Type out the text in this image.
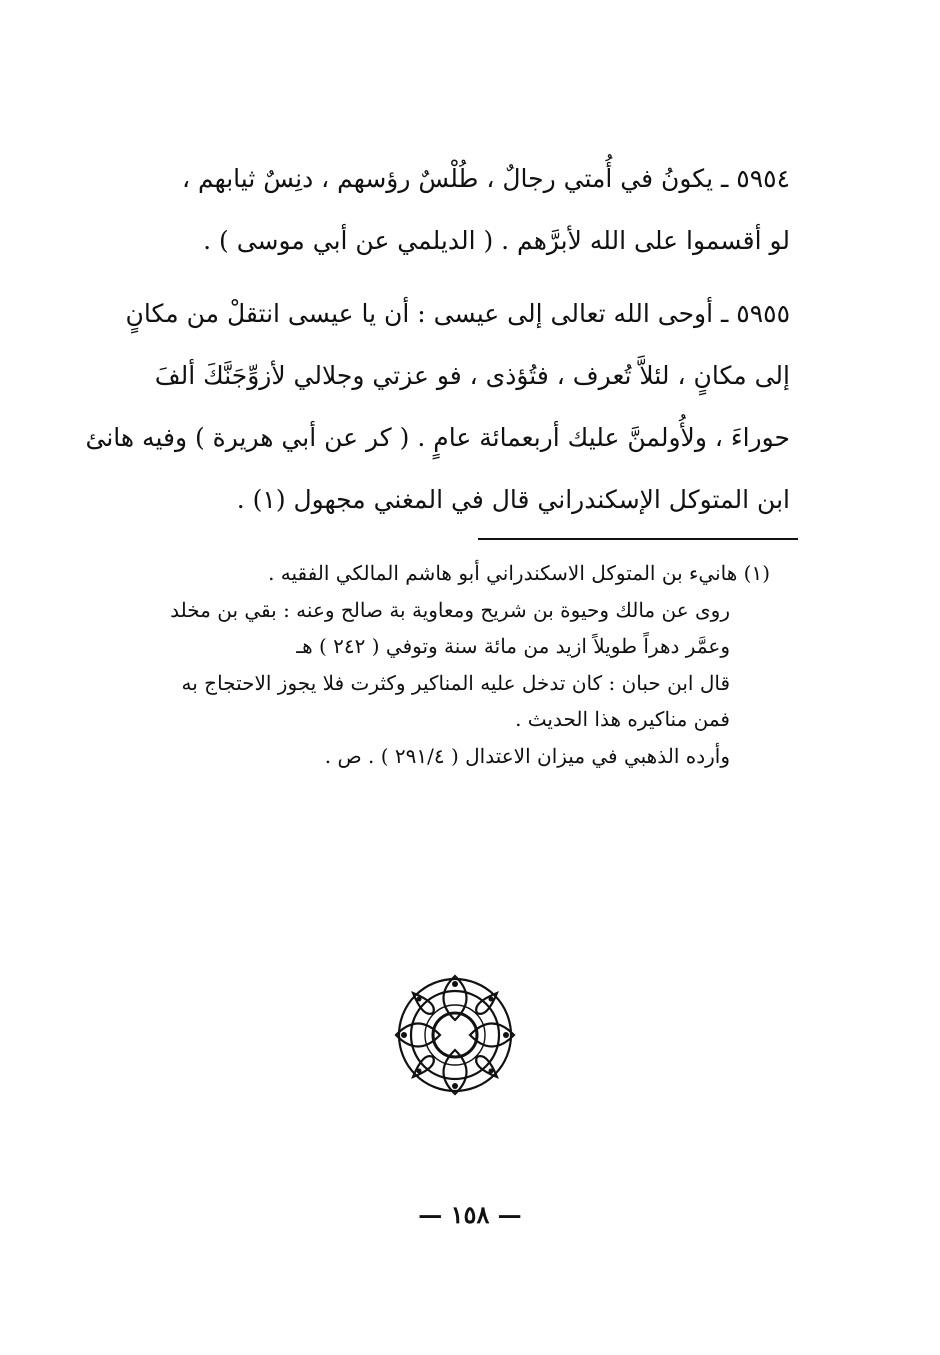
٥٩٥٤ ـ يكونُ في أُمتي رجالٌ ، طُلْسٌ رؤسهم ، دنِسٌ ثيابهم ،
لو أقسموا على الله لأبرَّهم . ( الديلمي عن أبي موسى ) .
٥٩٥٥ ـ أوحى الله تعالى إلى عيسى : أن يا عيسى انتقلْ من مكانٍ
إلى مكانٍ ، لئلاَّ تُعرف ، فتُؤذى ، فو عزتي وجلالي لأزوِّجَنَّكَ ألفَ
حوراءَ ، ولأُولمنَّ عليك أربعمائة عامٍ . ( كر عن أبي هريرة ) وفيه هانئ
ابن المتوكل الإسكندراني قال في المغني مجهول (١) .
(١) هانيء بن المتوكل الاسكندراني أبو هاشم المالكي الفقيه .
روى عن مالك وحيوة بن شريح ومعاوية بة صالح وعنه : بقي بن مخلد
وعمَّر دهراً طويلاً ازيد من مائة سنة وتوفي ( ٢٤٢ ) هـ
قال ابن حبان : كان تدخل عليه المناكير وكثرت فلا يجوز الاحتجاج به
فمن مناكيره هذا الحديث .
وأرده الذهبي في ميزان الاعتدال ( ٢٩١/٤ ) . ص .
— ١٥٨ —
